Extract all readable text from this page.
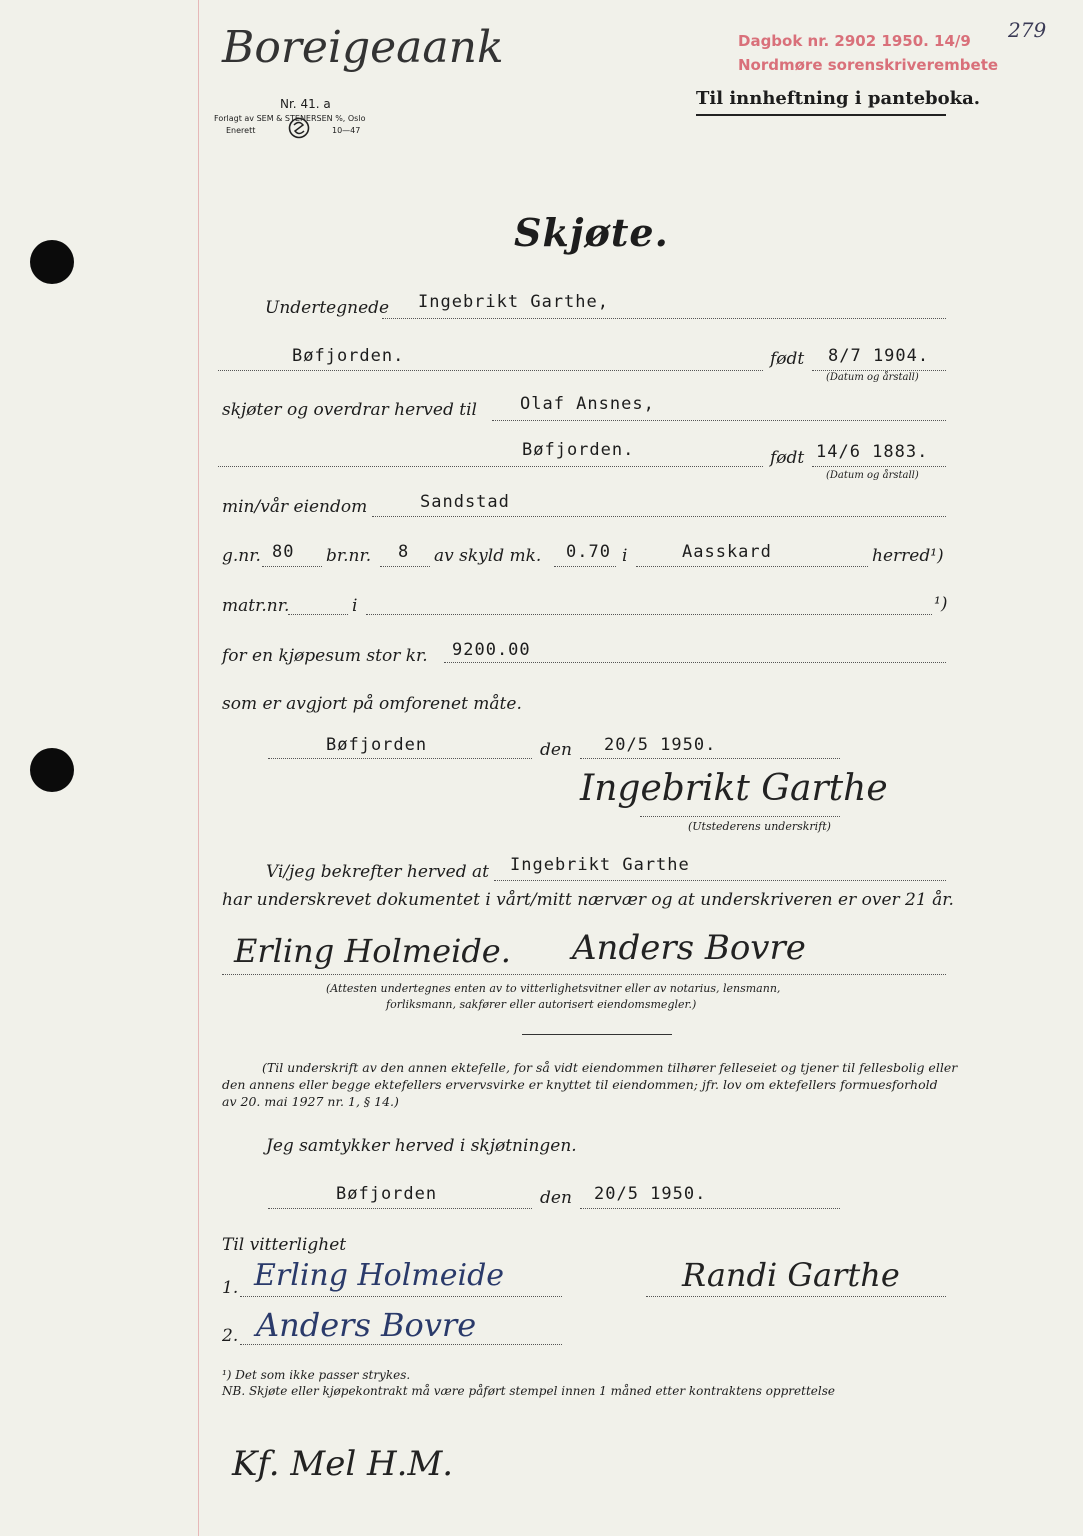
Boreigeaank	Dagbok nr. 2902 1950. 14/9
Nordmøre sorenskriverembete
279
Nr. 41. a
Forlagt av SEM & STENERSEN %, Oslo
Enerett	10—47
Til innheftning i panteboka.
Skjøte.
Undertegnede Ingebrikt Garthe,
Bøfjorden.	født 8/7 1904.
(Datum og årstall)
skjøter og overdrar herved til	Olaf Ansnes,
Bøfjorden.	født 14/6 1883.
(Datum og årstall)
min/vår eiendom	Sandstad
g.nr. 80 br.nr. 8 av skyld mk. 0.70 i	Aasskard	herred¹)
matr.nr.	i	¹)
for en kjøpesum stor kr. 9200.00
som er avgjort på omforenet måte.
Bøfjorden	den 20/5 1950.
Ingebrikt Garthe
(Utstederens underskrift)
Vi/jeg bekrefter herved at Ingebrikt Garthe
har underskrevet dokumentet i vårt/mitt nærvær og at underskriveren er over 21 år.
Erling Holmeide. Anders Bovre
(Attesten undertegnes enten av to vitterlighetsvitner eller av notarius, lensmann,
forliksmann, sakfører eller autorisert eiendomsmegler.)
(Til underskrift av den annen ektefelle, for så vidt eiendommen tilhører felleseiet og tjener til fellesbolig eller
den annens eller begge ektefellers ervervsvirke er knyttet til eiendommen; jfr. lov om ektefellers formuesforhold
av 20. mai 1927 nr. 1, § 14.)
Jeg samtykker herved i skjøtningen.
Bøfjorden	den 20/5 1950.
Til vitterlighet
1. Erling Holmeide	Randi Garthe
2. Anders Bovre
¹) Det som ikke passer strykes.
NB. Skjøte eller kjøpekontrakt må være påført stempel innen 1 måned etter kontraktens opprettelse
Kf. Mel H.M.
